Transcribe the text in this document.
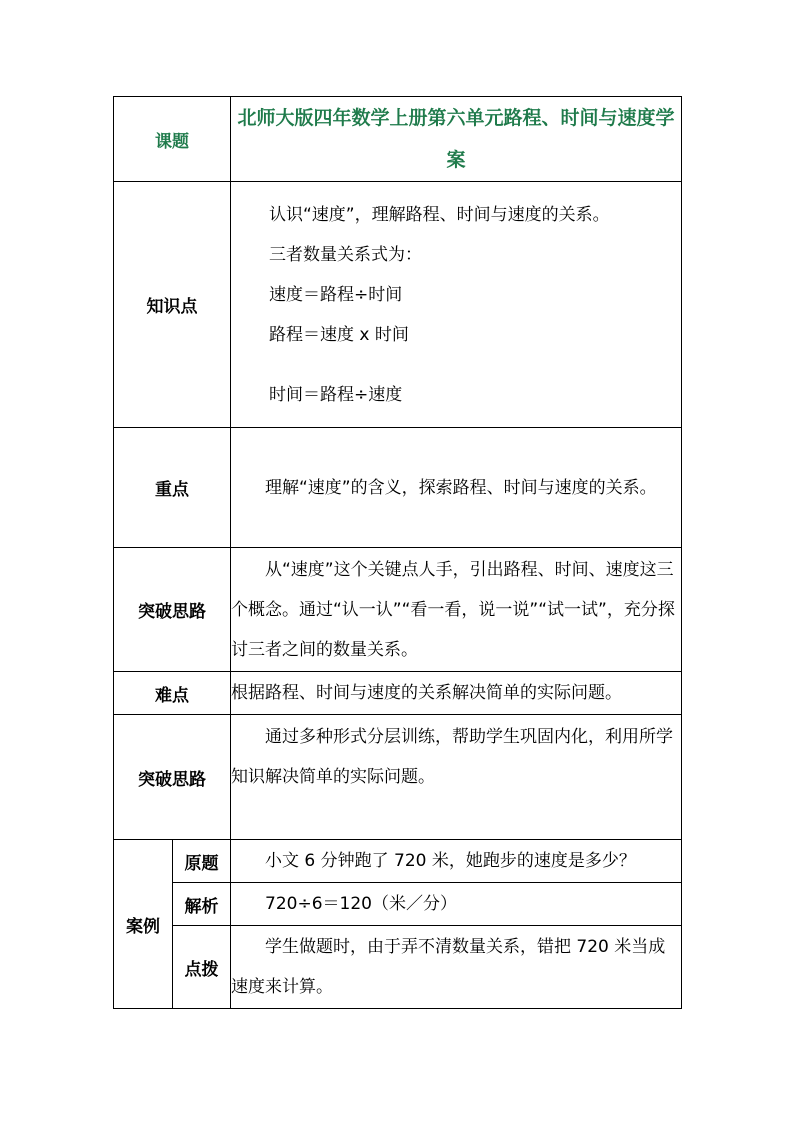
课题		北师大版四年数学上册第六单元路程、时间与速度学案
知识点		认识“速度”，理解路程、时间与速度的关系。
三者数量关系式为：
速度＝路程÷时间
路程＝速度 x 时间
时间＝路程÷速度

重点		理解“速度”的含义，探索路程、时间与速度的关系。

突破思路		从“速度”这个关键点人手，引出路程、时间、速度这三个概念。通过“认一认”“看一看，说一说”“试一试”，充分探讨三者之间的数量关系。

难点		根据路程、时间与速度的关系解决简单的实际问题。

突破思路		通过多种形式分层训练，帮助学生巩固内化，利用所学知识解决简单的实际问题。

案例	原题	小文 6 分钟跑了 720 米，她跑步的速度是多少？

	解析	720÷6＝120（米／分）

	点拨	学生做题时，由于弄不清数量关系，错把 720 米当成速度来计算。
